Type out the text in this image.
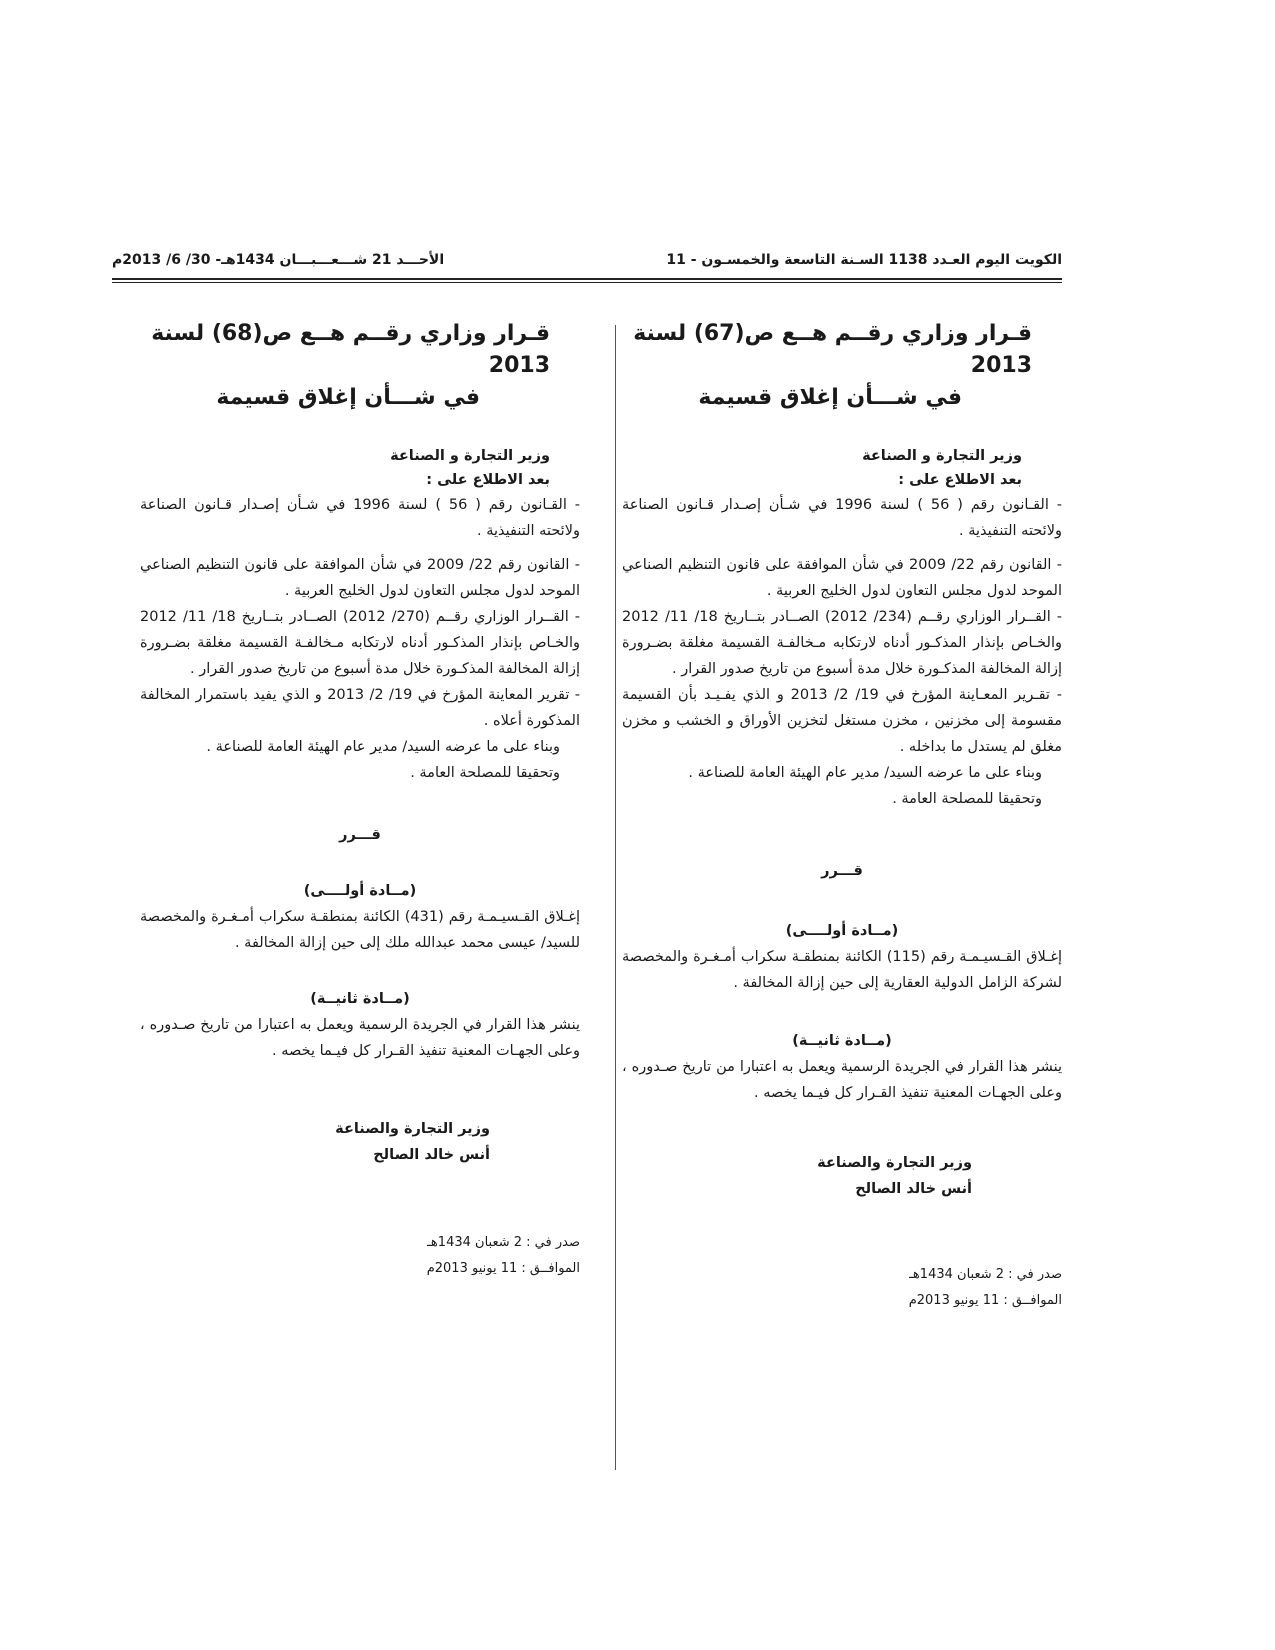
الكويت اليوم العـدد 1138 السـنة التاسعة والخمسـون - 11
الأحـــد 21 شـــعـــبـــان 1434هـ- 30/ 6/ 2013م
قـرار وزاري رقــم هــع ص(67) لسنة 2013
في شـــأن إغلاق قسيمة
وزير التجارة و الصناعة
بعد الاطلاع على :

- القـانون رقم ( 56 ) لسنة 1996 في شـأن إصـدار قـانون الصناعة ولائحته التنفيذية .

- القانون رقم 22/ 2009 في شأن الموافقة على قانون التنظيم الصناعي الموحد لدول مجلس التعاون لدول الخليج العربية .

- القــرار الوزاري رقــم (234/ 2012) الصــادر بتــاريخ 18/ 11/ 2012 والخـاص بإنذار المذكـور أدناه لارتكابه مـخالفـة القسيمة مغلقة بضـرورة إزالة المخالفة المذكـورة خلال مدة أسبوع من تاريخ صدور القرار .

- تقـرير المعـاينة المؤرخ في 19/ 2/ 2013 و الذي يفـيـد بأن القسيمة مقسومة إلى مخزنين ، مخزن مستغل لتخزين الأوراق و الخشب و مخزن مغلق لم يستدل ما بداخله .

وبناء على ما عرضه السيد/ مدير عام الهيئة العامة للصناعة .

وتحقيقا للمصلحة العامة .

قـــرر
(مــادة أولــــى)

إغـلاق القـسيـمـة رقم (115) الكائنة بمنطقـة سكراب أمـغـرة والمخصصة لشركة الزامل الدولية العقارية إلى حين إزالة المخالفة .

(مــادة ثانيــة)

ينشر هذا القرار في الجريدة الرسمية ويعمل به اعتبارا من تاريخ صـدوره ، وعلى الجهـات المعنية تنفيذ القـرار كل فيـما يخصه .

وزير التجارة والصناعة
أنس خالد الصالح
صدر في : 2 شعبان 1434هـ
الموافــق : 11 يونيو 2013م
قـرار وزاري رقــم هــع ص(68) لسنة 2013
في شـــأن إغلاق قسيمة
وزير التجارة و الصناعة
بعد الاطلاع على :

- القـانون رقم ( 56 ) لسنة 1996 في شـأن إصـدار قـانون الصناعة ولائحته التنفيذية .

- القانون رقم 22/ 2009 في شأن الموافقة على قانون التنظيم الصناعي الموحد لدول مجلس التعاون لدول الخليج العربية .

- القــرار الوزاري رقــم (270/ 2012) الصــادر بتــاريخ 18/ 11/ 2012 والخـاص بإنذار المذكـور أدناه لارتكابه مـخالفـة القسيمة مغلقة بضـرورة إزالة المخالفة المذكـورة خلال مدة أسبوع من تاريخ صدور القرار .

- تقرير المعاينة المؤرخ في 19/ 2/ 2013 و الذي يفيد باستمرار المخالفة المذكورة أعلاه .

وبناء على ما عرضه السيد/ مدير عام الهيئة العامة للصناعة .

وتحقيقا للمصلحة العامة .

قـــرر
(مــادة أولــــى)

إغـلاق القـسيـمـة رقم (431) الكائنة بمنطقـة سكراب أمـغـرة والمخصصة للسيد/ عيسى محمد عبدالله ملك إلى حين إزالة المخالفة .

(مــادة ثانيــة)

ينشر هذا القرار في الجريدة الرسمية ويعمل به اعتبارا من تاريخ صـدوره ، وعلى الجهـات المعنية تنفيذ القـرار كل فيـما يخصه .

وزير التجارة والصناعة
أنس خالد الصالح
صدر في : 2 شعبان 1434هـ
الموافــق : 11 يونيو 2013م
